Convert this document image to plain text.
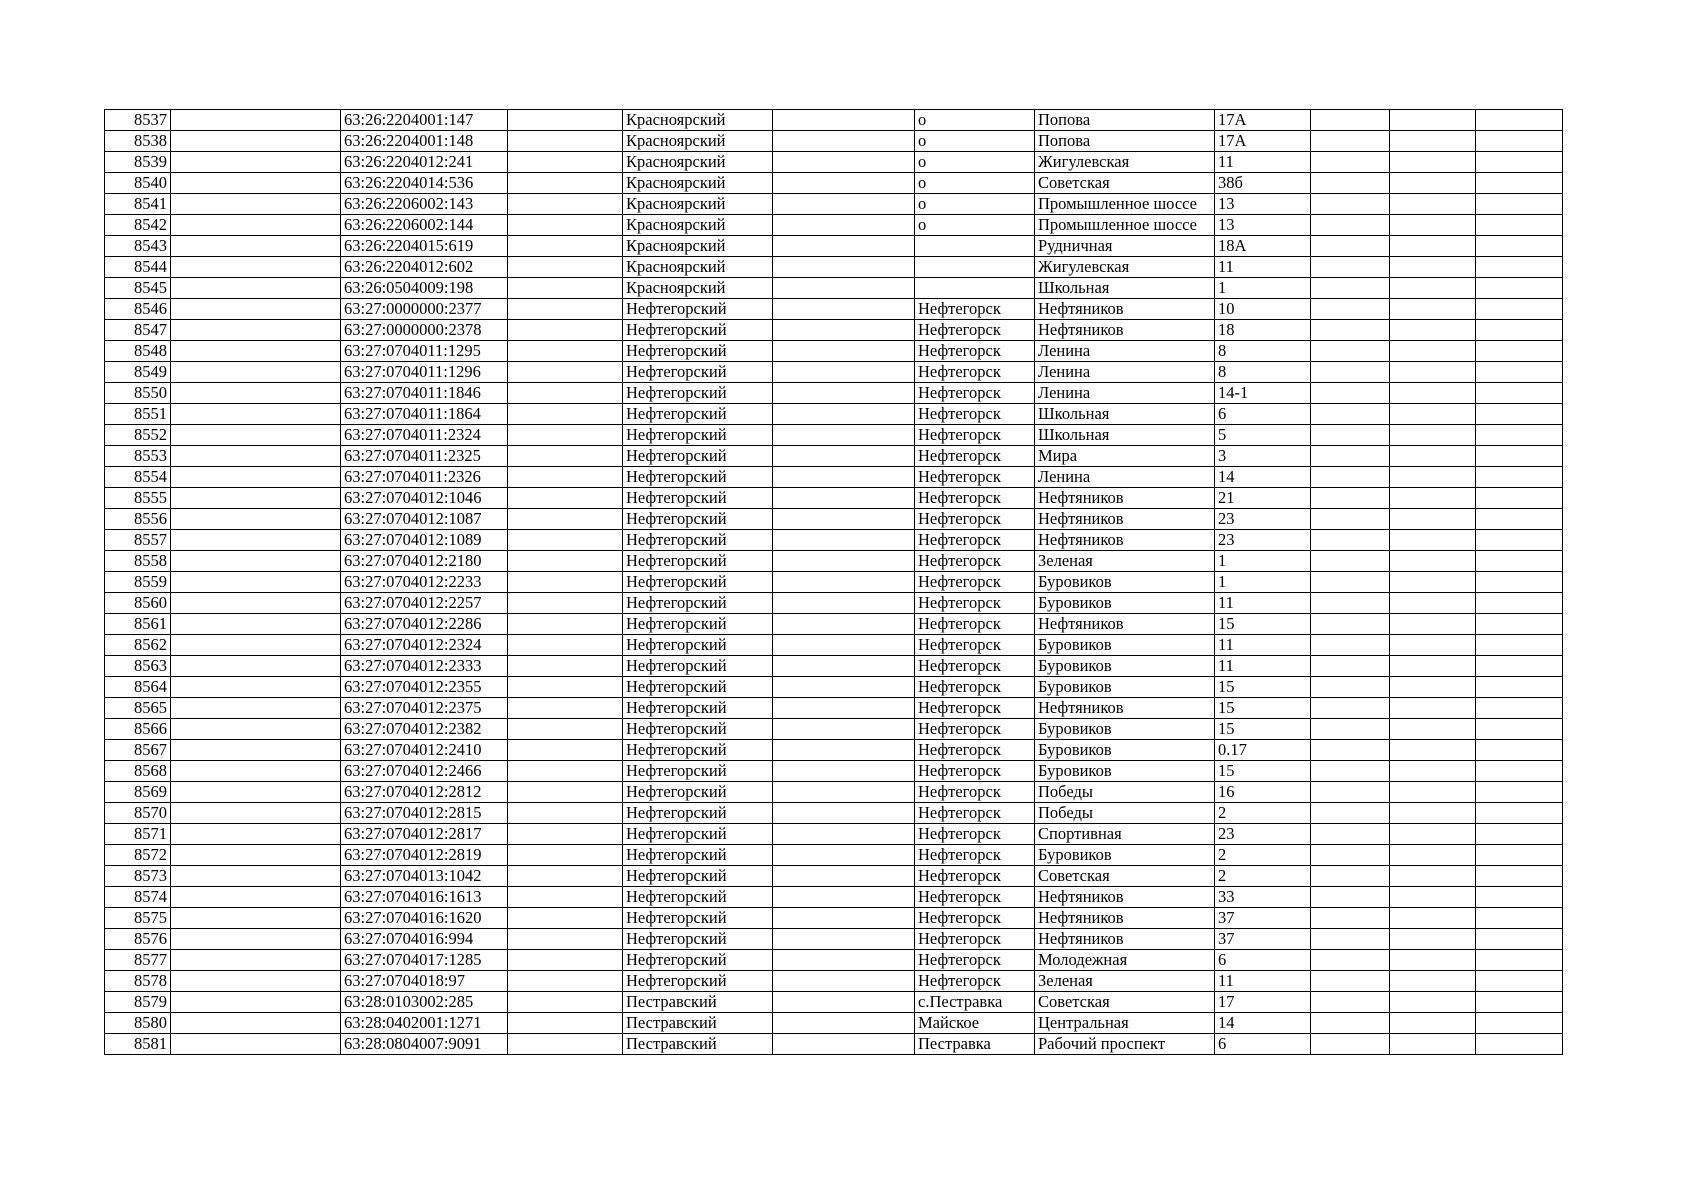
8537		63:26:2204001:147		Красноярский		о	Попова	17А			
8538		63:26:2204001:148		Красноярский		о	Попова	17А			
8539		63:26:2204012:241		Красноярский		о	Жигулевская	11			
8540		63:26:2204014:536		Красноярский		о	Советская	38б			
8541		63:26:2206002:143		Красноярский		о	Промышленное шоссе	13			
8542		63:26:2206002:144		Красноярский		о	Промышленное шоссе	13			
8543		63:26:2204015:619		Красноярский			Рудничная	18А			
8544		63:26:2204012:602		Красноярский			Жигулевская	11			
8545		63:26:0504009:198		Красноярский			Школьная	1			
8546		63:27:0000000:2377		Нефтегорский		Нефтегорск	Нефтяников	10			
8547		63:27:0000000:2378		Нефтегорский		Нефтегорск	Нефтяников	18			
8548		63:27:0704011:1295		Нефтегорский		Нефтегорск	Ленина	8			
8549		63:27:0704011:1296		Нефтегорский		Нефтегорск	Ленина	8			
8550		63:27:0704011:1846		Нефтегорский		Нефтегорск	Ленина	14-1			
8551		63:27:0704011:1864		Нефтегорский		Нефтегорск	Школьная	6			
8552		63:27:0704011:2324		Нефтегорский		Нефтегорск	Школьная	5			
8553		63:27:0704011:2325		Нефтегорский		Нефтегорск	Мира	3			
8554		63:27:0704011:2326		Нефтегорский		Нефтегорск	Ленина	14			
8555		63:27:0704012:1046		Нефтегорский		Нефтегорск	Нефтяников	21			
8556		63:27:0704012:1087		Нефтегорский		Нефтегорск	Нефтяников	23			
8557		63:27:0704012:1089		Нефтегорский		Нефтегорск	Нефтяников	23			
8558		63:27:0704012:2180		Нефтегорский		Нефтегорск	Зеленая	1			
8559		63:27:0704012:2233		Нефтегорский		Нефтегорск	Буровиков	1			
8560		63:27:0704012:2257		Нефтегорский		Нефтегорск	Буровиков	11			
8561		63:27:0704012:2286		Нефтегорский		Нефтегорск	Нефтяников	15			
8562		63:27:0704012:2324		Нефтегорский		Нефтегорск	Буровиков	11			
8563		63:27:0704012:2333		Нефтегорский		Нефтегорск	Буровиков	11			
8564		63:27:0704012:2355		Нефтегорский		Нефтегорск	Буровиков	15			
8565		63:27:0704012:2375		Нефтегорский		Нефтегорск	Нефтяников	15			
8566		63:27:0704012:2382		Нефтегорский		Нефтегорск	Буровиков	15			
8567		63:27:0704012:2410		Нефтегорский		Нефтегорск	Буровиков	0.17			
8568		63:27:0704012:2466		Нефтегорский		Нефтегорск	Буровиков	15			
8569		63:27:0704012:2812		Нефтегорский		Нефтегорск	Победы	16			
8570		63:27:0704012:2815		Нефтегорский		Нефтегорск	Победы	2			
8571		63:27:0704012:2817		Нефтегорский		Нефтегорск	Спортивная	23			
8572		63:27:0704012:2819		Нефтегорский		Нефтегорск	Буровиков	2			
8573		63:27:0704013:1042		Нефтегорский		Нефтегорск	Советская	2			
8574		63:27:0704016:1613		Нефтегорский		Нефтегорск	Нефтяников	33			
8575		63:27:0704016:1620		Нефтегорский		Нефтегорск	Нефтяников	37			
8576		63:27:0704016:994		Нефтегорский		Нефтегорск	Нефтяников	37			
8577		63:27:0704017:1285		Нефтегорский		Нефтегорск	Молодежная	6			
8578		63:27:0704018:97		Нефтегорский		Нефтегорск	Зеленая	11			
8579		63:28:0103002:285		Пестравский		с.Пестравка	Советская	17			
8580		63:28:0402001:1271		Пестравский		Майское	Центральная	14			
8581		63:28:0804007:9091		Пестравский		Пестравка	Рабочий проспект	6			
